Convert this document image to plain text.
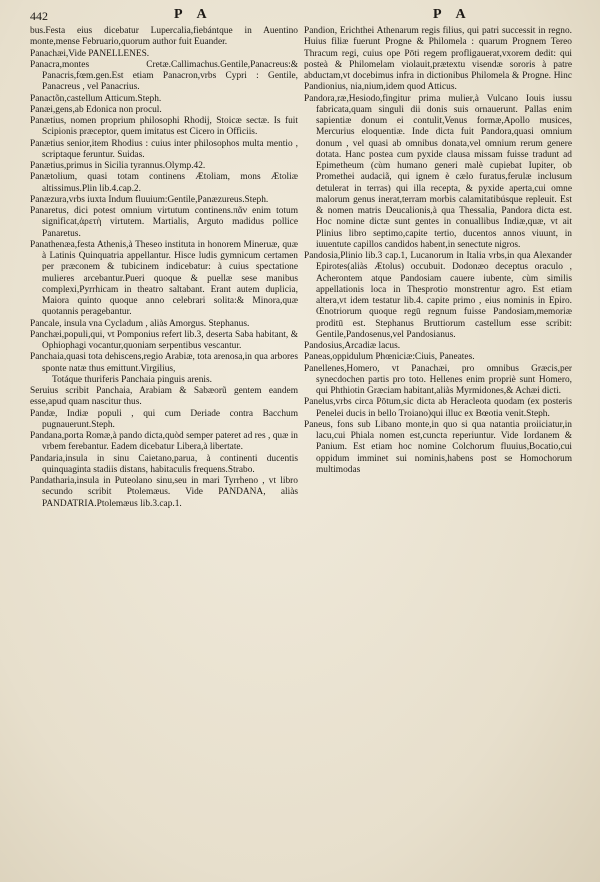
442	P A	P A

bus.Festa eius dicebatur Lupercalia,fiebántque in Auentino monte,mense Februario,quorum author fuit Euander.

Panachæi,Vide PANELLENES.

Panacra,montes Cretæ.Callimachus.Gentile,Panacreus:& Panacris,fœm.gen.Est etiam Panacron,vrbs Cypri : Gentile, Panacreus , vel Panacrius.

Panactõn,castellum Atticum.Steph.

Panæi,gens,ab Edonica non procul.

Panætius, nomen proprium philosophi Rhodij, Stoicæ sectæ. Is fuit Scipionis præceptor, quem imitatus est Cicero in Officiis.

Panætius senior,item Rhodius : cuius inter philosophos multa mentio , scriptaque feruntur. Suidas.

Panætius,primus in Sicilia tyrannus.Olymp.42.

Panætolium, quasi totam continens Ætoliam, mons Ætoliæ altissimus.Plin lib.4.cap.2.

Panæzura,vrbs iuxta Indum fluuium:Gentile,Panæzureus.Steph.

Panaretus, dici potest omnium virtutum continens.πᾶν enim totum significat,ἀρετὴ virtutem. Martialis, Arguto madidus pollice Panaretus.

Panathenæa,festa Athenis,à Theseo instituta in honorem Mineruæ, quæ à Latinis Quinquatria appellantur. Hisce ludis gymnicum certamen per præconem & tubicinem indicebatur: à cuius spectatione mulieres arcebantur.Pueri quoque & puellæ sese manibus complexi,Pyrrhicam in theatro saltabant. Erant autem duplicia, Maiora quinto quoque anno celebrari solita:& Minora,quæ quotannis peragebantur.

Pancale, insula vna Cycladum , aliàs Amorgus. Stephanus.

Panchæi,populi,qui, vt Pomponius refert lib.3, deserta Saba habitant, & Ophiophagi vocantur,quoniam serpentibus vescantur.

Panchaia,quasi tota dehiscens,regio Arabiæ, tota arenosa,in qua arbores sponte natæ thus emittunt.Virgilius,

Totáque thuriferis Panchaia pinguis arenis.

Seruius scribit Panchaia, Arabiam & Sabæorũ gentem eandem esse,apud quam nascitur thus.

Pandæ, Indiæ populi , qui cum Deriade contra Bacchum pugnauerunt.Steph.

Pandana,porta Romæ,à pando dicta,quòd semper pateret ad res , quæ in vrbem ferebantur. Eadem dicebatur Libera,à libertate.

Pandaria,insula in sinu Caietano,parua, à continenti ducentis quinquaginta stadiis distans, habitaculis frequens.Strabo.

Pandatharia,insula in Puteolano sinu,seu in mari Tyrrheno , vt libro secundo scribit Ptolemæus. Vide PANDANA, aliàs PANDATRIA.Ptolemæus lib.3.cap.1.

Pandion, Erichthei Athenarum regis filius, qui patri successit in regno. Huius filiæ fuerunt Progne & Philomela : quarum Prognem Tereo Thracum regi, cuius ope Pōti regem profligauerat,vxorem dedit: qui posteà & Philomelam violauit,prætextu visendæ sororis à patre abductam,vt docebimus infra in dictionibus Philomela & Progne. Hinc Pandionius, nia,nium,idem quod Atticus.

Pandora,ræ,Hesiodo,fingitur prima mulier,à Vulcano Iouis iussu fabricata,quam singuli dii donis suis ornauerunt. Pallas enim sapientiæ donum ei contulit,Venus formæ,Apollo musices, Mercurius eloquentiæ. Inde dicta fuit Pandora,quasi omnium donum , vel quasi ab omnibus donata,vel omnium rerum genere dotata. Hanc postea cum pyxide clausa missam fuisse tradunt ad Epimetheum (cùm humano generi malè cupiebat Iupiter, ob Promethei audaciã, qui ignem è cælo furatus,ferulæ inclusum detulerat in terras) qui illa recepta, & pyxide aperta,cui omne malorum genus inerat,terram morbis calamitatibúsque repleuit. Est & nomen matris Deucalionis,à qua Thessalia, Pandora dicta est. Hoc nomine dictæ sunt gentes in conuallibus Indiæ,quæ, vt ait Plinius libro septimo,capite tertio, ducentos annos viuunt, in iuuentute capillos candidos habent,in senectute nigros.

Pandosia,Plinio lib.3 cap.1, Lucanorum in Italia vrbs,in qua Alexander Epirotes(aliàs Ætolus) occubuit. Dodonæo deceptus oraculo , Acherontem atque Pandosiam cauere iubente, cùm similis appellationis loca in Thesprotio monstrentur agro. Est etiam altera,vt idem testatur lib.4. capite primo , eius nominis in Epiro. Œnotriorum quoque regū regnum fuisse Pandosiam,memoriæ proditū est. Stephanus Bruttiorum castellum esse scribit: Gentile,Pandosenus,vel Pandosianus.

Pandosius,Arcadiæ lacus.

Paneas,oppidulum Phœniciæ:Ciuis, Paneates.

Panellenes,Homero, vt Panachæi, pro omnibus Græcis,per synecdochen partis pro toto. Hellenes enim propriè sunt Homero, qui Phthiotin Græciam habitant,aliàs Myrmidones,& Achæi dicti.

Panelus,vrbs circa Pōtum,sic dicta ab Heracleota quodam (ex posteris Penelei ducis in bello Troiano)qui illuc ex Bœotia venit.Steph.

Paneus, fons sub Libano monte,in quo si qua natantia proiiciatur,in lacu,cui Phiala nomen est,cuncta reperiuntur. Vide Iordanem & Panium. Est etiam hoc nomine Colchorum fluuius,Bocatio,cui oppidum imminet sui nominis,habens post se Homochorum multimodas
